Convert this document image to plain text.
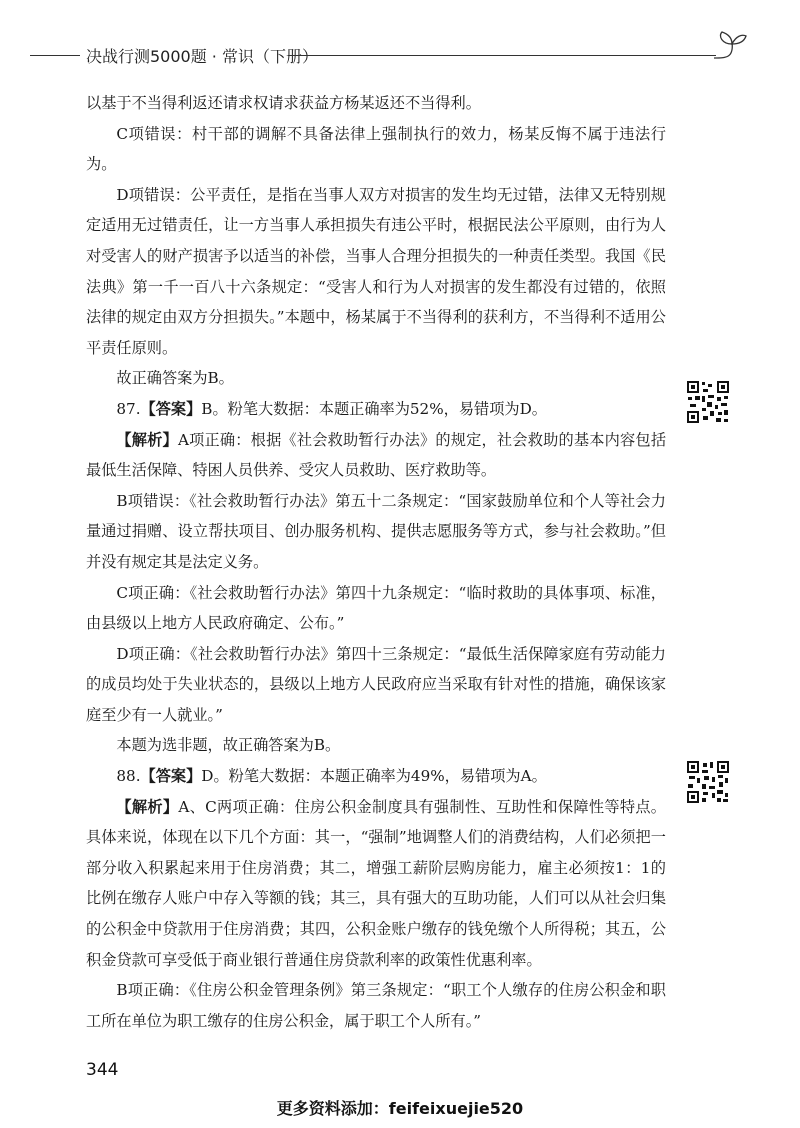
决战行测5000题 · 常识（下册）

以基于不当得利返还请求权请求获益方杨某返还不当得利。

C项错误：村干部的调解不具备法律上强制执行的效力，杨某反悔不属于违法行为。

D项错误：公平责任，是指在当事人双方对损害的发生均无过错，法律又无特别规定适用无过错责任，让一方当事人承担损失有违公平时，根据民法公平原则，由行为人对受害人的财产损害予以适当的补偿，当事人合理分担损失的一种责任类型。我国《民法典》第一千一百八十六条规定：“受害人和行为人对损害的发生都没有过错的，依照法律的规定由双方分担损失。”本题中，杨某属于不当得利的获利方，不当得利不适用公平责任原则。

故正确答案为B。

87.【答案】B。粉笔大数据：本题正确率为52%，易错项为D。

【解析】A项正确：根据《社会救助暂行办法》的规定，社会救助的基本内容包括最低生活保障、特困人员供养、受灾人员救助、医疗救助等。

B项错误：《社会救助暂行办法》第五十二条规定：“国家鼓励单位和个人等社会力量通过捐赠、设立帮扶项目、创办服务机构、提供志愿服务等方式，参与社会救助。”但并没有规定其是法定义务。

C项正确：《社会救助暂行办法》第四十九条规定：“临时救助的具体事项、标准，由县级以上地方人民政府确定、公布。”

D项正确：《社会救助暂行办法》第四十三条规定：“最低生活保障家庭有劳动能力的成员均处于失业状态的，县级以上地方人民政府应当采取有针对性的措施，确保该家庭至少有一人就业。”

本题为选非题，故正确答案为B。

88.【答案】D。粉笔大数据：本题正确率为49%，易错项为A。

【解析】A、C两项正确：住房公积金制度具有强制性、互助性和保障性等特点。具体来说，体现在以下几个方面：其一，“强制”地调整人们的消费结构，人们必须把一部分收入积累起来用于住房消费；其二，增强工薪阶层购房能力，雇主必须按1：1的比例在缴存人账户中存入等额的钱；其三，具有强大的互助功能，人们可以从社会归集的公积金中贷款用于住房消费；其四，公积金账户缴存的钱免缴个人所得税；其五，公积金贷款可享受低于商业银行普通住房贷款利率的政策性优惠利率。

B项正确：《住房公积金管理条例》第三条规定：“职工个人缴存的住房公积金和职工所在单位为职工缴存的住房公积金，属于职工个人所有。”

344
更多资料添加：feifeixuejie520
